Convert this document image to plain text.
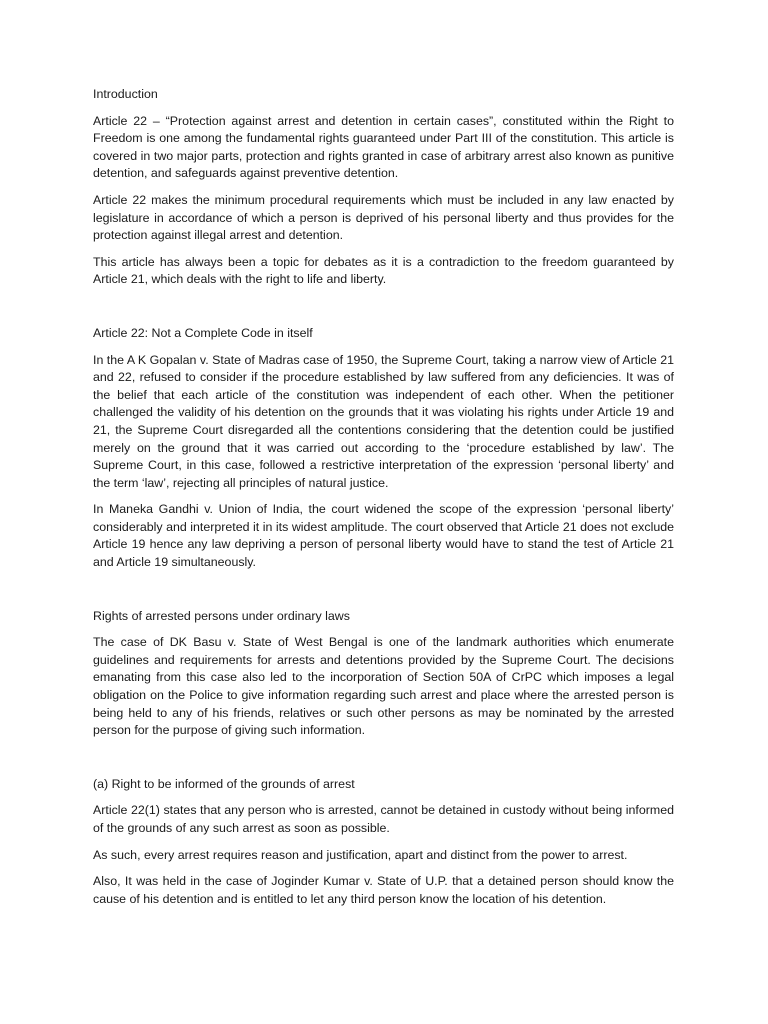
Introduction

Article 22 – “Protection against arrest and detention in certain cases”, constituted within the Right to Freedom is one among the fundamental rights guaranteed under Part III of the constitution. This article is covered in two major parts, protection and rights granted in case of arbitrary arrest also known as punitive detention, and safeguards against preventive detention.

Article 22 makes the minimum procedural requirements which must be included in any law enacted by legislature in accordance of which a person is deprived of his personal liberty and thus provides for the protection against illegal arrest and detention.

This article has always been a topic for debates as it is a contradiction to the freedom guaranteed by Article 21, which deals with the right to life and liberty.

Article 22: Not a Complete Code in itself

In the A K Gopalan v. State of Madras case of 1950, the Supreme Court, taking a narrow view of Article 21 and 22, refused to consider if the procedure established by law suffered from any deficiencies. It was of the belief that each article of the constitution was independent of each other. When the petitioner challenged the validity of his detention on the grounds that it was violating his rights under Article 19 and 21, the Supreme Court disregarded all the contentions considering that the detention could be justified merely on the ground that it was carried out according to the ‘procedure established by law’. The Supreme Court, in this case, followed a restrictive interpretation of the expression ‘personal liberty’ and the term ‘law’, rejecting all principles of natural justice.

In Maneka Gandhi v. Union of India, the court widened the scope of the expression ‘personal liberty’ considerably and interpreted it in its widest amplitude. The court observed that Article 21 does not exclude Article 19 hence any law depriving a person of personal liberty would have to stand the test of Article 21 and Article 19 simultaneously.

Rights of arrested persons under ordinary laws

The case of DK Basu v. State of West Bengal is one of the landmark authorities which enumerate guidelines and requirements for arrests and detentions provided by the Supreme Court. The decisions emanating from this case also led to the incorporation of Section 50A of CrPC which imposes a legal obligation on the Police to give information regarding such arrest and place where the arrested person is being held to any of his friends, relatives or such other persons as may be nominated by the arrested person for the purpose of giving such information.

(a) Right to be informed of the grounds of arrest

Article 22(1) states that any person who is arrested, cannot be detained in custody without being informed of the grounds of any such arrest as soon as possible.

As such, every arrest requires reason and justification, apart and distinct from the power to arrest.

Also, It was held in the case of Joginder Kumar v. State of U.P. that a detained person should know the cause of his detention and is entitled to let any third person know the location of his detention.
